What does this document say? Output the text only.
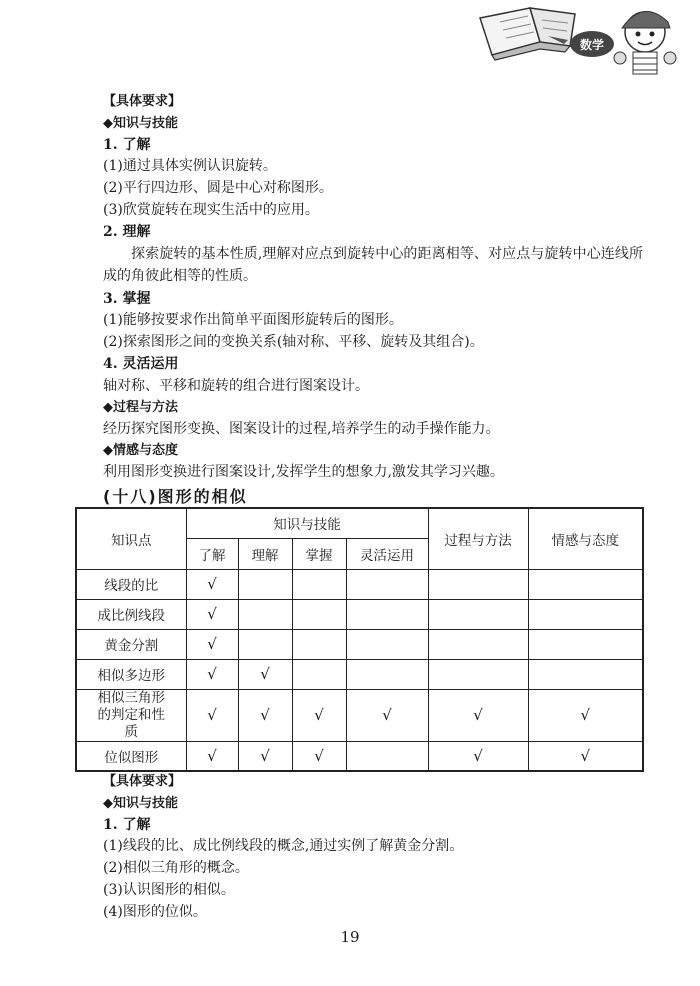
数学
【具体要求】
◆知识与技能
1. 了解
(1)通过具体实例认识旋转。
(2)平行四边形、圆是中心对称图形。
(3)欣赏旋转在现实生活中的应用。
2. 理解
探索旋转的基本性质,理解对应点到旋转中心的距离相等、对应点与旋转中心连线所成的角彼此相等的性质。
3. 掌握
(1)能够按要求作出简单平面图形旋转后的图形。
(2)探索图形之间的变换关系(轴对称、平移、旋转及其组合)。
4. 灵活运用
轴对称、平移和旋转的组合进行图案设计。
◆过程与方法
经历探究图形变换、图案设计的过程,培养学生的动手操作能力。
◆情感与态度
利用图形变换进行图案设计,发挥学生的想象力,激发其学习兴趣。
(十八)图形的相似
知识点	知识与技能				过程与方法	情感与态度
	了解	理解	掌握	灵活运用		
线段的比	√					
成比例线段	√					
黄金分割	√					
相似多边形	√	√				
相似三角形的判定和性质	√	√	√	√	√	√
位似图形	√	√	√		√	√
【具体要求】
◆知识与技能
1. 了解
(1)线段的比、成比例线段的概念,通过实例了解黄金分割。
(2)相似三角形的概念。
(3)认识图形的相似。
(4)图形的位似。
19
